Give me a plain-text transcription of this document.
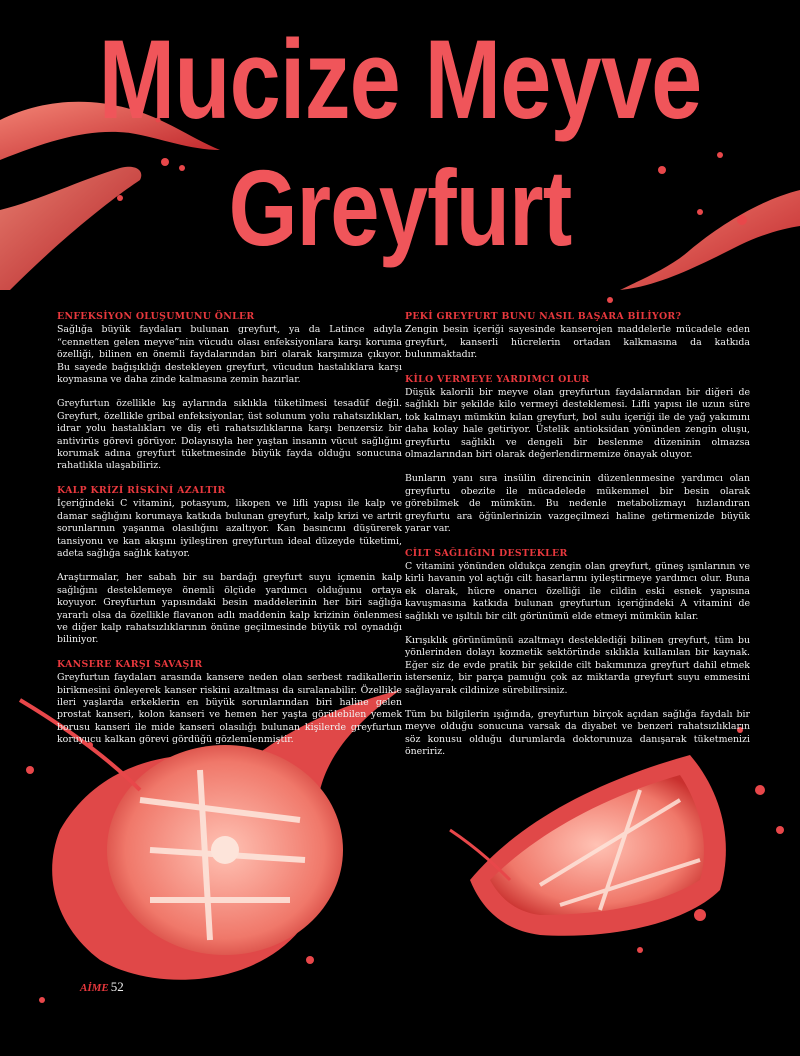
Mucize Meyve
Greyfurt
ENFEKSİYON OLUŞUMUNU ÖNLER

Sağlığa büyük faydaları bulunan greyfurt, ya da Latince adıyla “cennetten gelen meyve”nin vücudu olası enfeksiyonlara karşı koruma özelliği, bilinen en önemli faydalarından biri olarak karşımıza çıkıyor. Bu sayede bağışıklığı destekleyen greyfurt, vücudun hastalıklara karşı koymasına ve daha zinde kalmasına zemin hazırlar.

Greyfurtun özellikle kış aylarında sıklıkla tüketilmesi tesadüf değil. Greyfurt, özellikle gribal enfeksiyonlar, üst solunum yolu rahatsızlıkları, idrar yolu hastalıkları ve diş eti rahatsızlıklarına karşı benzersiz bir antivirüs görevi görüyor. Dolayısıyla her yaştan insanın vücut sağlığını korumak adına greyfurt tüketmesinde büyük fayda olduğu sonucuna rahatlıkla ulaşabiliriz.

KALP KRİZİ RİSKİNİ AZALTIR

İçeriğindeki C vitamini, potasyum, likopen ve lifli yapısı ile kalp ve damar sağlığını korumaya katkıda bulunan greyfurt, kalp krizi ve artrit sorunlarının yaşanma olasılığını azaltıyor. Kan basıncını düşürerek tansiyonu ve kan akışını iyileştiren greyfurtun ideal düzeyde tüketimi, adeta sağlığa sağlık katıyor.

Araştırmalar, her sabah bir su bardağı greyfurt suyu içmenin kalp sağlığını desteklemeye önemli ölçüde yardımcı olduğunu ortaya koyuyor. Greyfurtun yapısındaki besin maddelerinin her biri sağlığa yararlı olsa da özellikle flavanon adlı maddenin kalp krizinin önlenmesi ve diğer kalp rahatsızlıklarının önüne geçilmesinde büyük rol oynadığı biliniyor.

KANSERE KARŞI SAVAŞIR

Greyfurtun faydaları arasında kansere neden olan serbest radikallerin birikmesini önleyerek kanser riskini azaltması da sıralanabilir. Özellikle ileri yaşlarda erkeklerin en büyük sorunlarından biri haline gelen prostat kanseri, kolon kanseri ve hemen her yaşta görülebilen yemek borusu kanseri ile mide kanseri olasılığı bulunan kişilerde greyfurtun koruyucu kalkan görevi gördüğü gözlemlenmiştir.

PEKİ GREYFURT BUNU NASIL BAŞARA BİLİYOR?

Zengin besin içeriği sayesinde kanserojen maddelerle mücadele eden greyfurt, kanserli hücrelerin ortadan kalkmasına da katkıda bulunmaktadır.

KİLO VERMEYE YARDIMCI OLUR

Düşük kalorili bir meyve olan greyfurtun faydalarından bir diğeri de sağlıklı bir şekilde kilo vermeyi desteklemesi. Lifli yapısı ile uzun süre tok kalmayı mümkün kılan greyfurt, bol sulu içeriği ile de yağ yakımını daha kolay hale getiriyor. Üstelik antioksidan yönünden zengin oluşu, greyfurtu sağlıklı ve dengeli bir beslenme düzeninin olmazsa olmazlarından biri olarak değerlendirmemize önayak oluyor.

Bunların yanı sıra insülin direncinin düzenlenmesine yardımcı olan greyfurtu obezite ile mücadelede mükemmel bir besin olarak görebilmek de mümkün. Bu nedenle metabolizmayı hızlandıran greyfurtu ara öğünlerinizin vazgeçilmezi haline getirmenizde büyük yarar var.

CİLT SAĞLIĞINI DESTEKLER

C vitamini yönünden oldukça zengin olan greyfurt, güneş ışınlarının ve kirli havanın yol açtığı cilt hasarlarını iyileştirmeye yardımcı olur. Buna ek olarak, hücre onarıcı özelliği ile cildin eski esnek yapısına kavuşmasına katkıda bulunan greyfurtun içeriğindeki A vitamini de sağlıklı ve ışıltılı bir cilt görünümü elde etmeyi mümkün kılar.

Kırışıklık görünümünü azaltmayı desteklediği bilinen greyfurt, tüm bu yönlerinden dolayı kozmetik sektöründe sıklıkla kullanılan bir kaynak. Eğer siz de evde pratik bir şekilde cilt bakımınıza greyfurt dahil etmek isterseniz, bir parça pamuğu çok az miktarda greyfurt suyu emmesini sağlayarak cildinize sürebilirsiniz.

Tüm bu bilgilerin ışığında, greyfurtun birçok açıdan sağlığa faydalı bir meyve olduğu sonucuna varsak da diyabet ve benzeri rahatsızlıkların söz konusu olduğu durumlarda doktorunuza danışarak tüketmenizi öneririz.

AİME 52
